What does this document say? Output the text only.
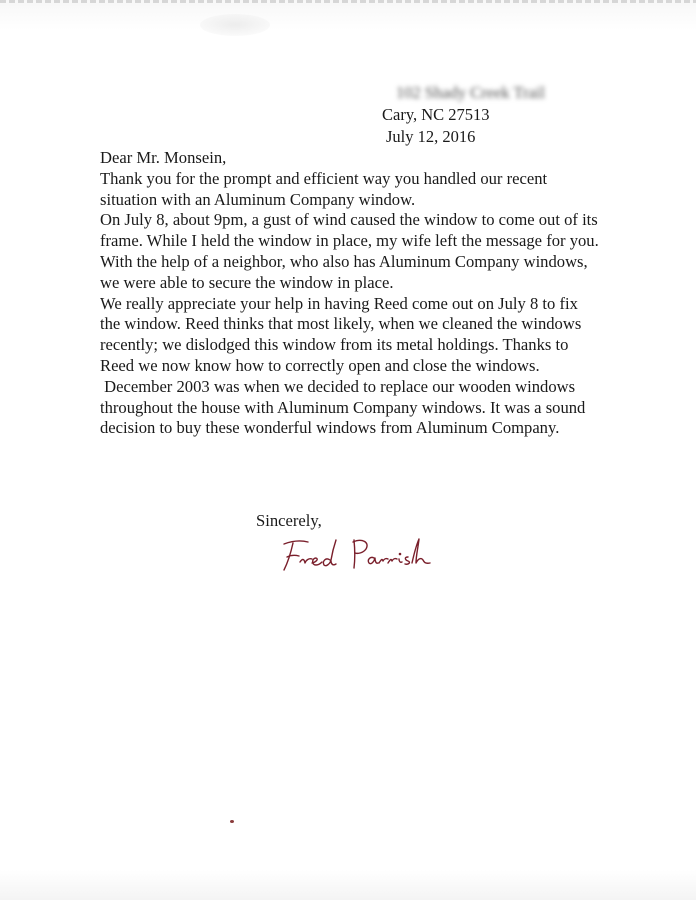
102 Shady Creek Trail
Cary, NC 27513
July 12, 2016

Dear Mr. Monsein,

Thank you for the prompt and efficient way you handled our recent situation with an Aluminum Company window.

On July 8, about 9pm, a gust of wind caused the window to come out of its frame. While I held the window in place, my wife left the message for you.

With the help of a neighbor, who also has Aluminum Company windows, we were able to secure the window in place.

We really appreciate your help in having Reed come out on July 8 to fix the window. Reed thinks that most likely, when we cleaned the windows recently; we dislodged this window from its metal holdings. Thanks to Reed we now know how to correctly open and close the windows.

December 2003 was when we decided to replace our wooden windows throughout the house with Aluminum Company windows. It was a sound decision to buy these wonderful windows from Aluminum Company.

Sincerely,
